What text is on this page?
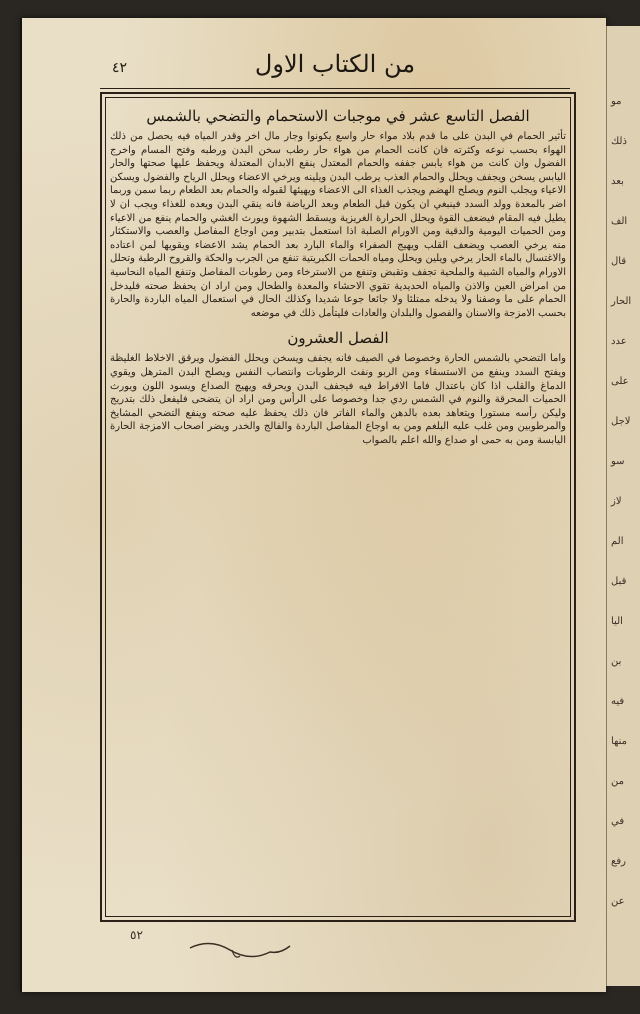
مو
ذلك
بعد
الف
قال
الحار
عدد
على
لاجل
سو
لاز
الم
قبل
اليا
بن
فيه
منها
من
في
رفع
عن
من الكتاب الاول
٤٢
الفصل التاسع عشر في موجبات الاستحمام والتضحي بالشمس

تأثير الحمام في البدن على ما قدم بلاد مواء حار واسع يكونوا وجار مال اخر وقدر المياه فيه يحصل من ذلك الهواء بحسب نوعه وكثرته فان كانت الحمام من هواء حار رطب سخن البدن ورطبه وفتح المسام واخرج الفضول وان كانت من هواء يابس جففه والحمام المعتدل ينفع الابدان المعتدلة ويحفظ عليها صحتها والحار اليابس يسخن ويجفف ويحلل والحمام العذب يرطب البدن ويلينه ويرخي الاعضاء ويحلل الرياح والفضول ويسكن الاعياء ويجلب النوم ويصلح الهضم ويجذب الغذاء الى الاعضاء ويهيئها لقبوله والحمام بعد الطعام ربما سمن وربما اضر بالمعدة وولد السدد فينبغي ان يكون قبل الطعام وبعد الرياضة فانه ينقي البدن ويعده للغذاء ويجب ان لا يطيل فيه المقام فيضعف القوة ويحلل الحرارة الغريزية ويسقط الشهوة ويورث الغشي والحمام ينفع من الاعياء ومن الحميات اليومية والدقية ومن الاورام الصلبة اذا استعمل بتدبير ومن اوجاع المفاصل والعصب والاستكثار منه يرخي العصب ويضعف القلب ويهيج الصفراء والماء البارد بعد الحمام يشد الاعضاء ويقويها لمن اعتاده والاغتسال بالماء الحار يرخي ويلين ويحلل ومياه الحمات الكبريتية تنفع من الجرب والحكة والقروح الرطبة وتحلل الاورام والمياه الشبية والملحية تجفف وتقبض وتنفع من الاسترخاء ومن رطوبات المفاصل وتنفع المياه النحاسية من امراض العين والاذن والمياه الحديدية تقوي الاحشاء والمعدة والطحال ومن اراد ان يحفظ صحته فليدخل الحمام على ما وصفنا ولا يدخله ممتلئا ولا جائعا جوعا شديدا وكذلك الحال في استعمال المياه الباردة والحارة بحسب الامزجة والاسنان والفصول والبلدان والعادات فليتأمل ذلك في موضعه

الفصل العشرون

واما التضحي بالشمس الحارة وخصوصا في الصيف فانه يجفف ويسخن ويحلل الفضول ويرقق الاخلاط الغليظة ويفتح السدد وينفع من الاستسقاء ومن الربو ونفث الرطوبات وانتصاب النفس ويصلح البدن المترهل ويقوي الدماغ والقلب اذا كان باعتدال فاما الافراط فيه فيجفف البدن ويحرقه ويهيج الصداع ويسود اللون ويورث الحميات المحرقة والنوم في الشمس ردي جدا وخصوصا على الرأس ومن اراد ان يتضحى فليفعل ذلك بتدريج وليكن رأسه مستورا ويتعاهد بعده بالدهن والماء الفاتر فان ذلك يحفظ عليه صحته وينفع التضحي المشايخ والمرطوبين ومن غلب عليه البلغم ومن به اوجاع المفاصل الباردة والفالج والخدر ويضر اصحاب الامزجة الحارة اليابسة ومن به حمى او صداع والله اعلم بالصواب

٥٢
